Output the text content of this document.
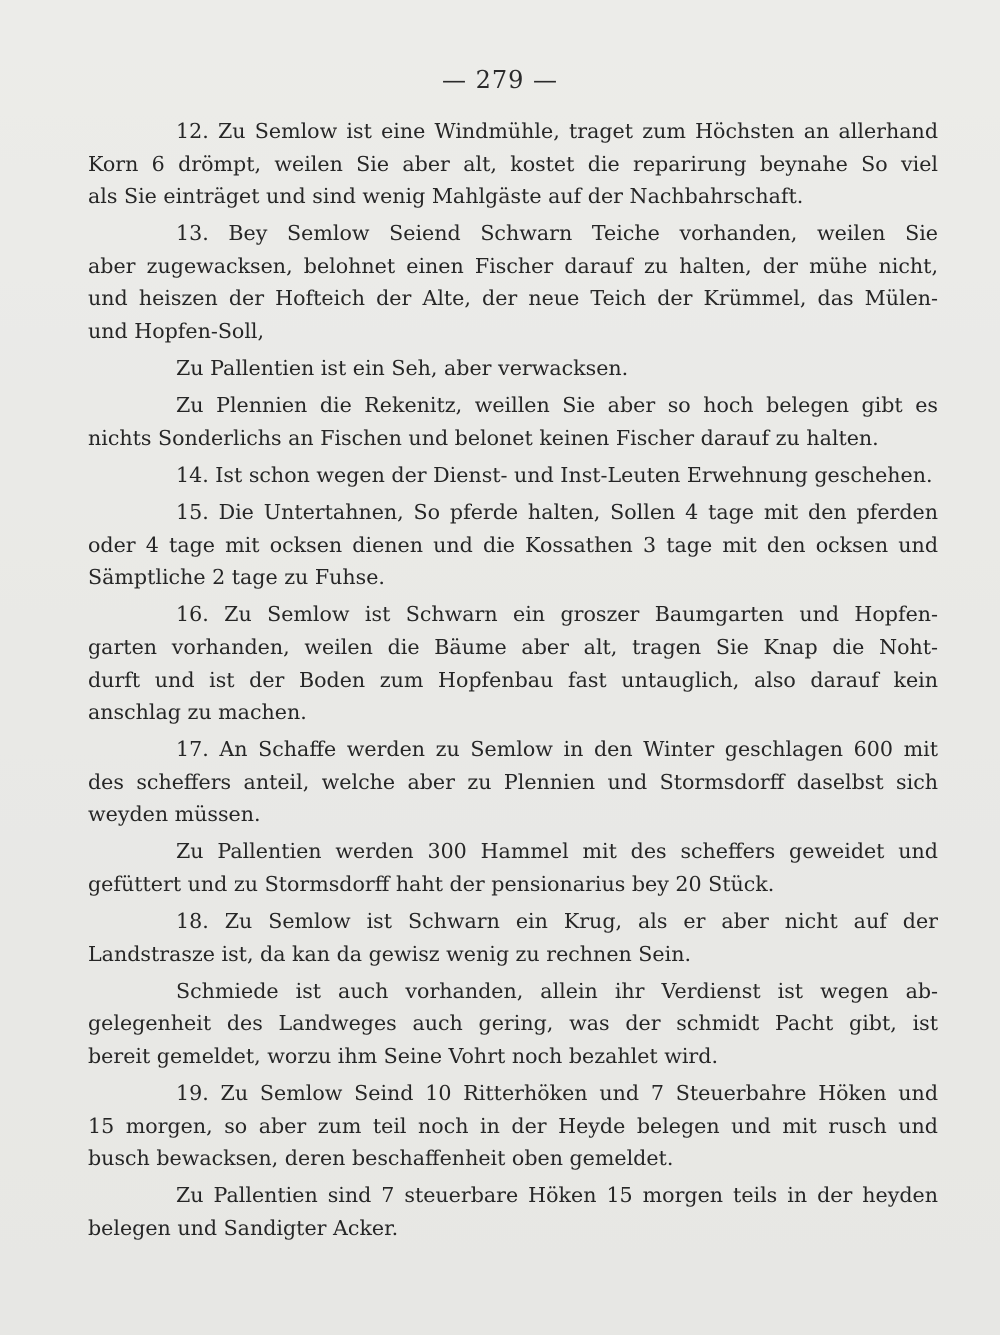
— 279 —
12. Zu Semlow ist eine Windmühle, traget zum Höchsten an allerhand
Korn 6 drömpt, weilen Sie aber alt, kostet die reparirung beynahe So viel
als Sie einträget und sind wenig Mahlgäste auf der Nachbahrschaft.
13. Bey Semlow Seiend Schwarn Teiche vorhanden, weilen Sie
aber zugewacksen, belohnet einen Fischer darauf zu halten, der mühe nicht,
und heiszen der Hofteich der Alte, der neue Teich der Krümmel, das Mülen-
und Hopfen-Soll,
Zu Pallentien ist ein Seh, aber verwacksen.
Zu Plennien die Rekenitz, weillen Sie aber so hoch belegen gibt es
nichts Sonderlichs an Fischen und belonet keinen Fischer darauf zu halten.
14. Ist schon wegen der Dienst- und Inst-Leuten Erwehnung geschehen.
15. Die Untertahnen, So pferde halten, Sollen 4 tage mit den pferden
oder 4 tage mit ocksen dienen und die Kossathen 3 tage mit den ocksen und
Sämptliche 2 tage zu Fuhse.
16. Zu Semlow ist Schwarn ein groszer Baumgarten und Hopfen-
garten vorhanden, weilen die Bäume aber alt, tragen Sie Knap die Noht-
durft und ist der Boden zum Hopfenbau fast untauglich, also darauf kein
anschlag zu machen.
17. An Schaffe werden zu Semlow in den Winter geschlagen 600 mit
des scheffers anteil, welche aber zu Plennien und Stormsdorff daselbst sich
weyden müssen.
Zu Pallentien werden 300 Hammel mit des scheffers geweidet und
gefüttert und zu Stormsdorff haht der pensionarius bey 20 Stück.
18. Zu Semlow ist Schwarn ein Krug, als er aber nicht auf der
Landstrasze ist, da kan da gewisz wenig zu rechnen Sein.
Schmiede ist auch vorhanden, allein ihr Verdienst ist wegen ab-
gelegenheit des Landweges auch gering, was der schmidt Pacht gibt, ist
bereit gemeldet, worzu ihm Seine Vohrt noch bezahlet wird.
19. Zu Semlow Seind 10 Ritterhöken und 7 Steuerbahre Höken und
15 morgen, so aber zum teil noch in der Heyde belegen und mit rusch und
busch bewacksen, deren beschaffenheit oben gemeldet.
Zu Pallentien sind 7 steuerbare Höken 15 morgen teils in der heyden
belegen und Sandigter Acker.
